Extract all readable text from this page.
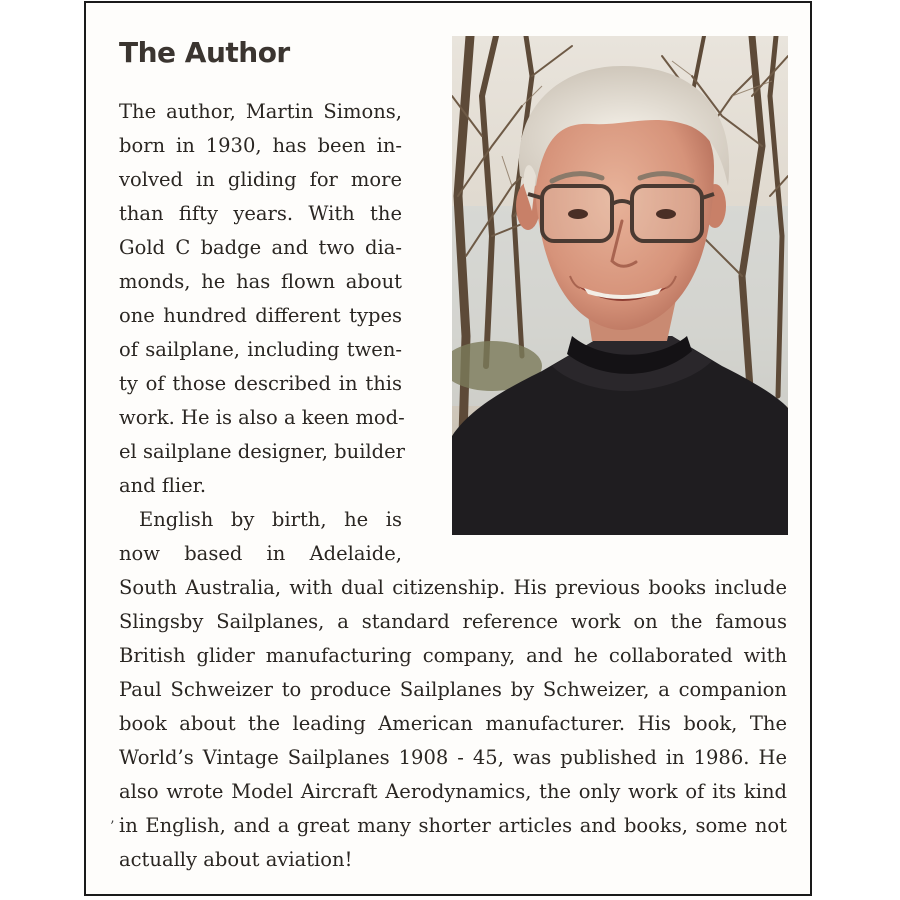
The Author
The author, Martin Simons,
born in 1930, has been in-
volved in gliding for more
than fifty years. With the
Gold C badge and two dia-
monds, he has flown about
one hundred different types
of sailplane, including twen-
ty of those described in this
work. He is also a keen mod-
el sailplane designer, builder
and flier.
English by birth, he is
now based in Adelaide,
South Australia, with dual citizenship. His previous books include
Slingsby Sailplanes, a standard reference work on the famous
British glider manufacturing company, and he collaborated with
Paul Schweizer to produce Sailplanes by Schweizer, a companion
book about the leading American manufacturer. His book, The
World’s Vintage Sailplanes 1908 - 45, was published in 1986. He
also wrote Model Aircraft Aerodynamics, the only work of its kind
in English, and a great many shorter articles and books, some not
actually about aviation!
’
